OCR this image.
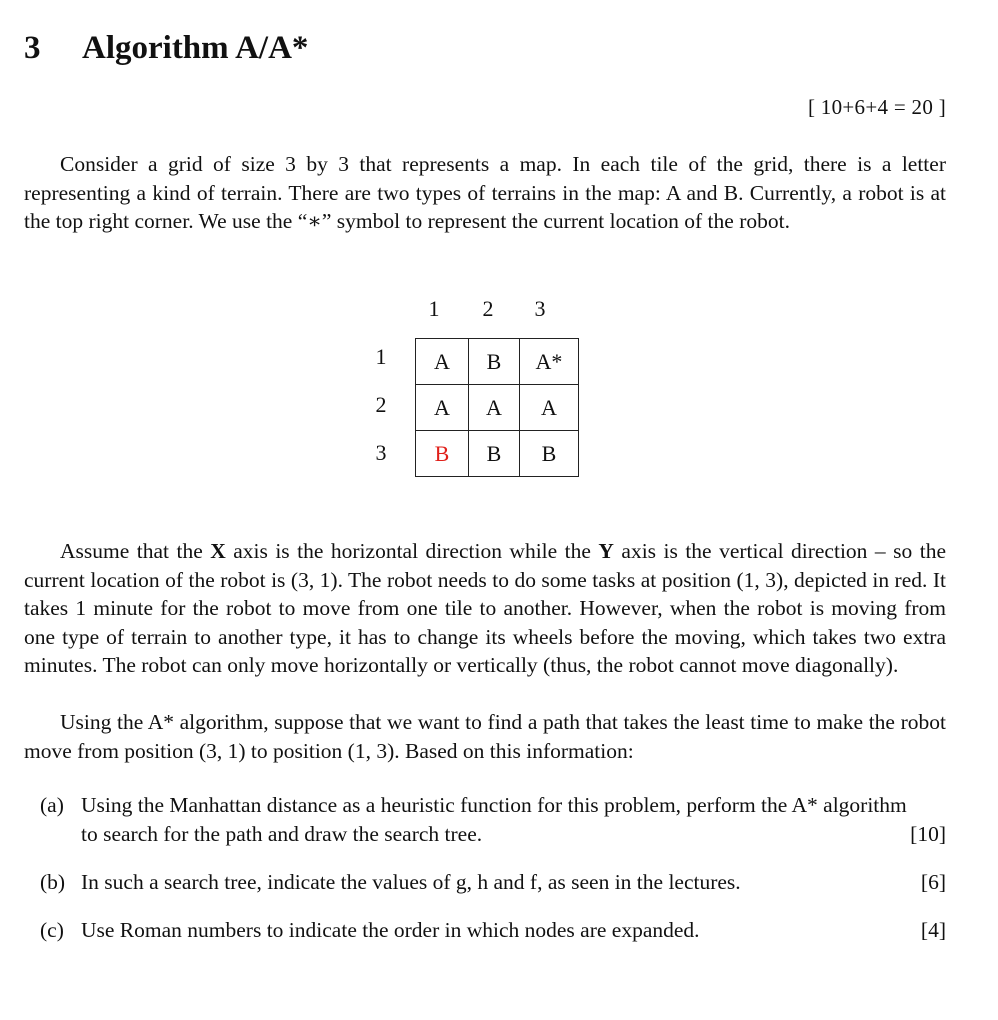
3 Algorithm A/A*
[ 10+6+4 = 20 ]

Consider a grid of size 3 by 3 that represents a map. In each tile of the grid, there is a letter representing a kind of terrain. There are two types of terrains in the map: A and B. Currently, a robot is at the top right corner. We use the “∗” symbol to represent the current location of the robot.

1 2 3
1
2
3
A	B	A*
A	A	A
B	B	B

Assume that the X axis is the horizontal direction while the Y axis is the vertical direction – so the current location of the robot is (3, 1). The robot needs to do some tasks at position (1, 3), depicted in red. It takes 1 minute for the robot to move from one tile to another. However, when the robot is moving from one type of terrain to another type, it has to change its wheels before the moving, which takes two extra minutes. The robot can only move horizontally or vertically (thus, the robot cannot move diagonally).

Using the A* algorithm, suppose that we want to find a path that takes the least time to make the robot move from position (3, 1) to position (1, 3). Based on this information:

(a) Using the Manhattan distance as a heuristic function for this problem, perform the A* algorithm to search for the path and draw the search tree.	[10]
(b) In such a search tree, indicate the values of g, h and f, as seen in the lectures.	[6]
(c) Use Roman numbers to indicate the order in which nodes are expanded.	[4]
